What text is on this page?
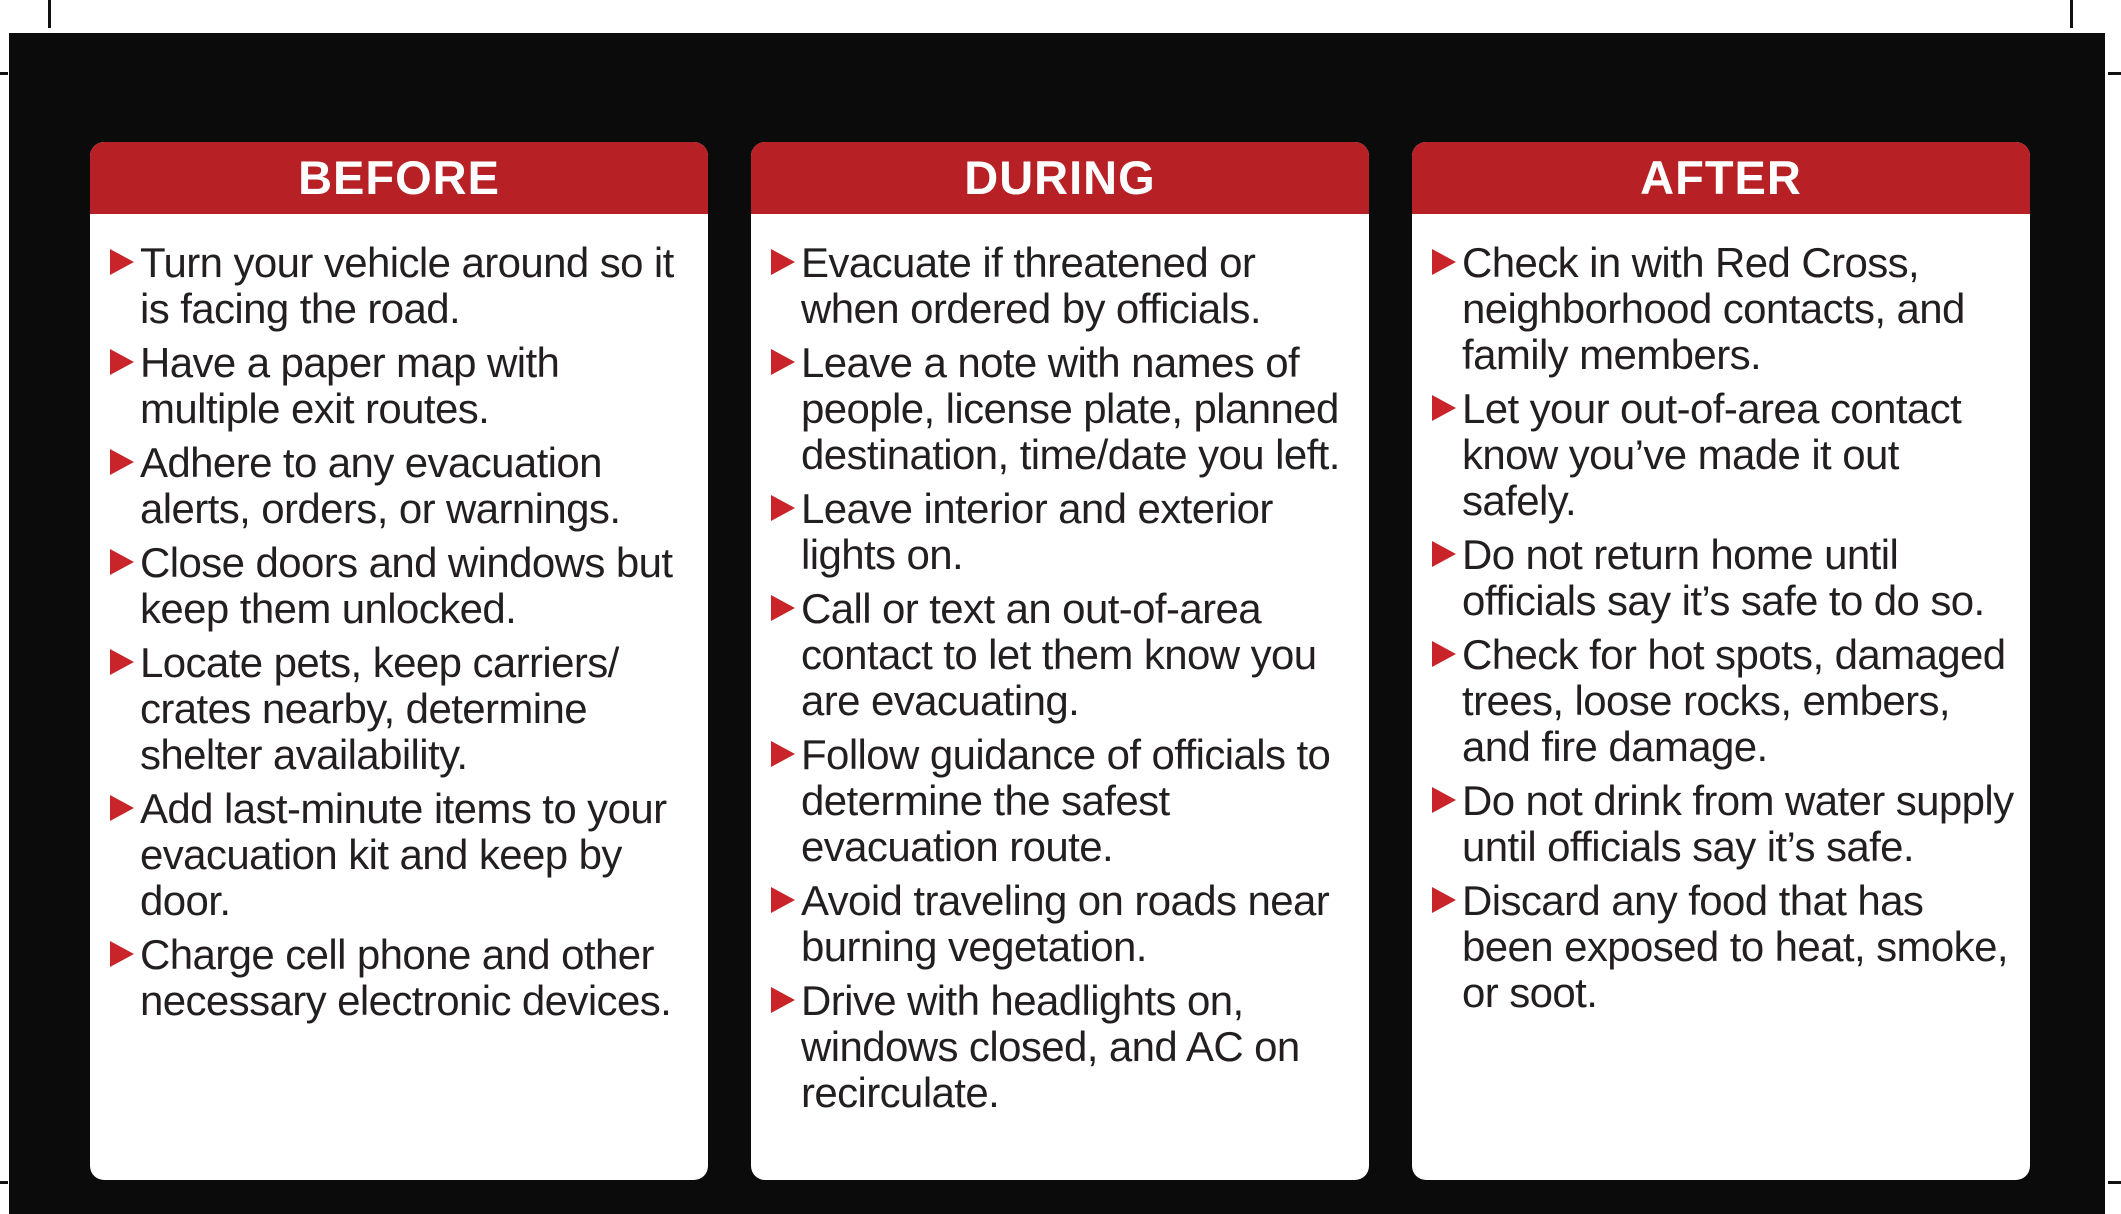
BEFORE
Turn your vehicle around so it is facing the road.
Have a paper map with multiple exit routes.
Adhere to any evacuation alerts, orders, or warnings.
Close doors and windows but keep them unlocked.
Locate pets, keep carriers/ crates nearby, determine shelter availability.
Add last-minute items to your evacuation kit and keep by door.
Charge cell phone and other necessary electronic devices.
DURING
Evacuate if threatened or when ordered by officials.
Leave a note with names of people, license plate, planned destination, time/date you left.
Leave interior and exterior lights on.
Call or text an out-of-area contact to let them know you are evacuating.
Follow guidance of officials to determine the safest evacuation route.
Avoid traveling on roads near burning vegetation.
Drive with headlights on, windows closed, and AC on recirculate.
AFTER
Check in with Red Cross, neighborhood contacts, and family members.
Let your out-of-area contact know you’ve made it out safely.
Do not return home until officials say it’s safe to do so.
Check for hot spots, damaged trees, loose rocks, embers, and fire damage.
Do not drink from water supply until officials say it’s safe.
Discard any food that has been exposed to heat, smoke, or soot.
